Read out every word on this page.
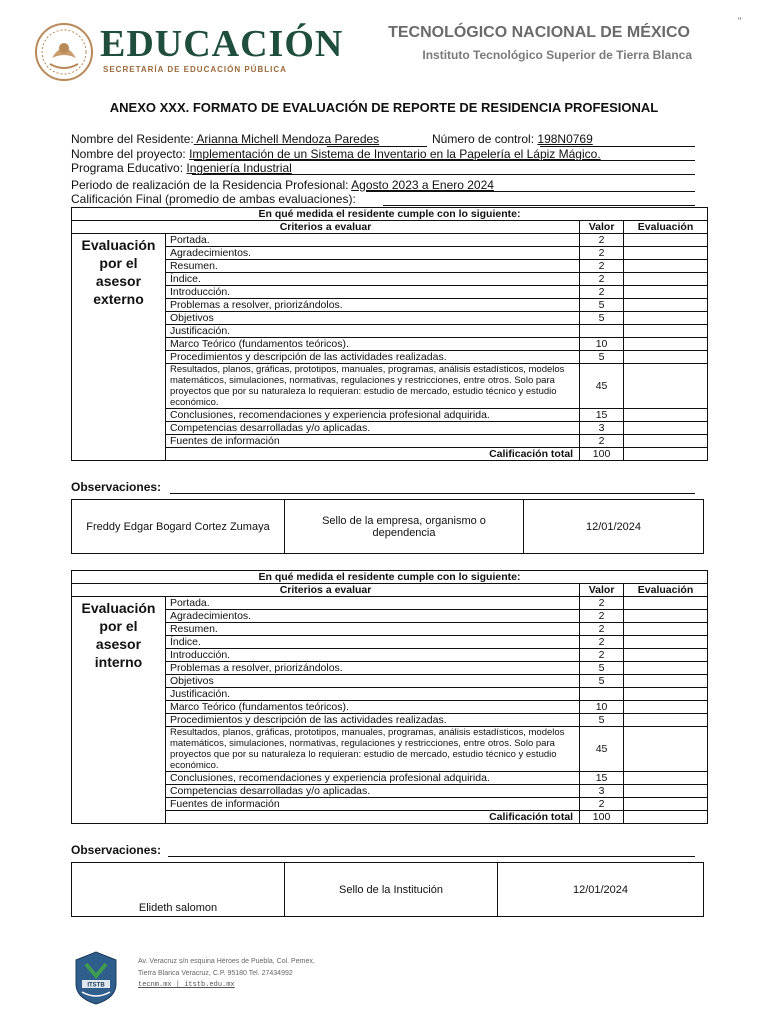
EDUCACIÓN
SECRETARÍA DE EDUCACIÓN PÚBLICA
TECNOLÓGICO NACIONAL DE MÉXICO
Instituto Tecnológico Superior de Tierra Blanca
"
ANEXO XXX. FORMATO DE EVALUACIÓN DE REPORTE DE RESIDENCIA PROFESIONAL
Nombre del Residente: Arianna Michell Mendoza Paredes	Número de control: 198N0769
Nombre del proyecto: Implementación de un Sistema de Inventario en la Papelería el Lápiz Mágico.
Programa Educativo: Ingeniería Industrial
Periodo de realización de la Residencia Profesional: Agosto 2023 a Enero 2024
Calificación Final (promedio de ambas evaluaciones):
En qué medida el residente cumple con lo siguiente:			
Criterios a evaluar		Valor	Evaluación
Evaluación por el asesor externo	Portada.	2	
	Agradecimientos.	2	
	Resumen.	2	
	Índice.	2	
	Introducción.	2	
	Problemas a resolver, priorizándolos.	5	
	Objetivos	5	
	Justificación.		
	Marco Teórico (fundamentos teóricos).	10	
	Procedimientos y descripción de las actividades realizadas.	5	
	Resultados, planos, gráficas, prototipos, manuales, programas, análisis estadísticos, modelos matemáticos, simulaciones, normativas, regulaciones y restricciones, entre otros. Solo para proyectos que por su naturaleza lo requieran: estudio de mercado, estudio técnico y estudio económico.	45	
	Conclusiones, recomendaciones y experiencia profesional adquirida.	15	
	Competencias desarrolladas y/o aplicadas.	3	
	Fuentes de información	2	
	Calificación total	100	
Observaciones:
Freddy Edgar Bogard Cortez Zumaya	Sello de la empresa, organismo o dependencia	12/01/2024
En qué medida el residente cumple con lo siguiente:			
Criterios a evaluar		Valor	Evaluación
Evaluación por el asesor interno	Portada.	2	
	Agradecimientos.	2	
	Resumen.	2	
	Índice.	2	
	Introducción.	2	
	Problemas a resolver, priorizándolos.	5	
	Objetivos	5	
	Justificación.		
	Marco Teórico (fundamentos teóricos).	10	
	Procedimientos y descripción de las actividades realizadas.	5	
	Resultados, planos, gráficas, prototipos, manuales, programas, análisis estadísticos, modelos matemáticos, simulaciones, normativas, regulaciones y restricciones, entre otros. Solo para proyectos que por su naturaleza lo requieran: estudio de mercado, estudio técnico y estudio económico.	45	
	Conclusiones, recomendaciones y experiencia profesional adquirida.	15	
	Competencias desarrolladas y/o aplicadas.	3	
	Fuentes de información	2	
	Calificación total	100	
Observaciones:
Elideth salomon	Sello de la Institución	12/01/2024
ITSTB
Av. Veracruz s/n esquina Héroes de Puebla, Col. Pemex,
Tierra Blanca Veracruz, C.P. 95180 Tel. 27434992
tecnm.mx | itstb.edu.mx
